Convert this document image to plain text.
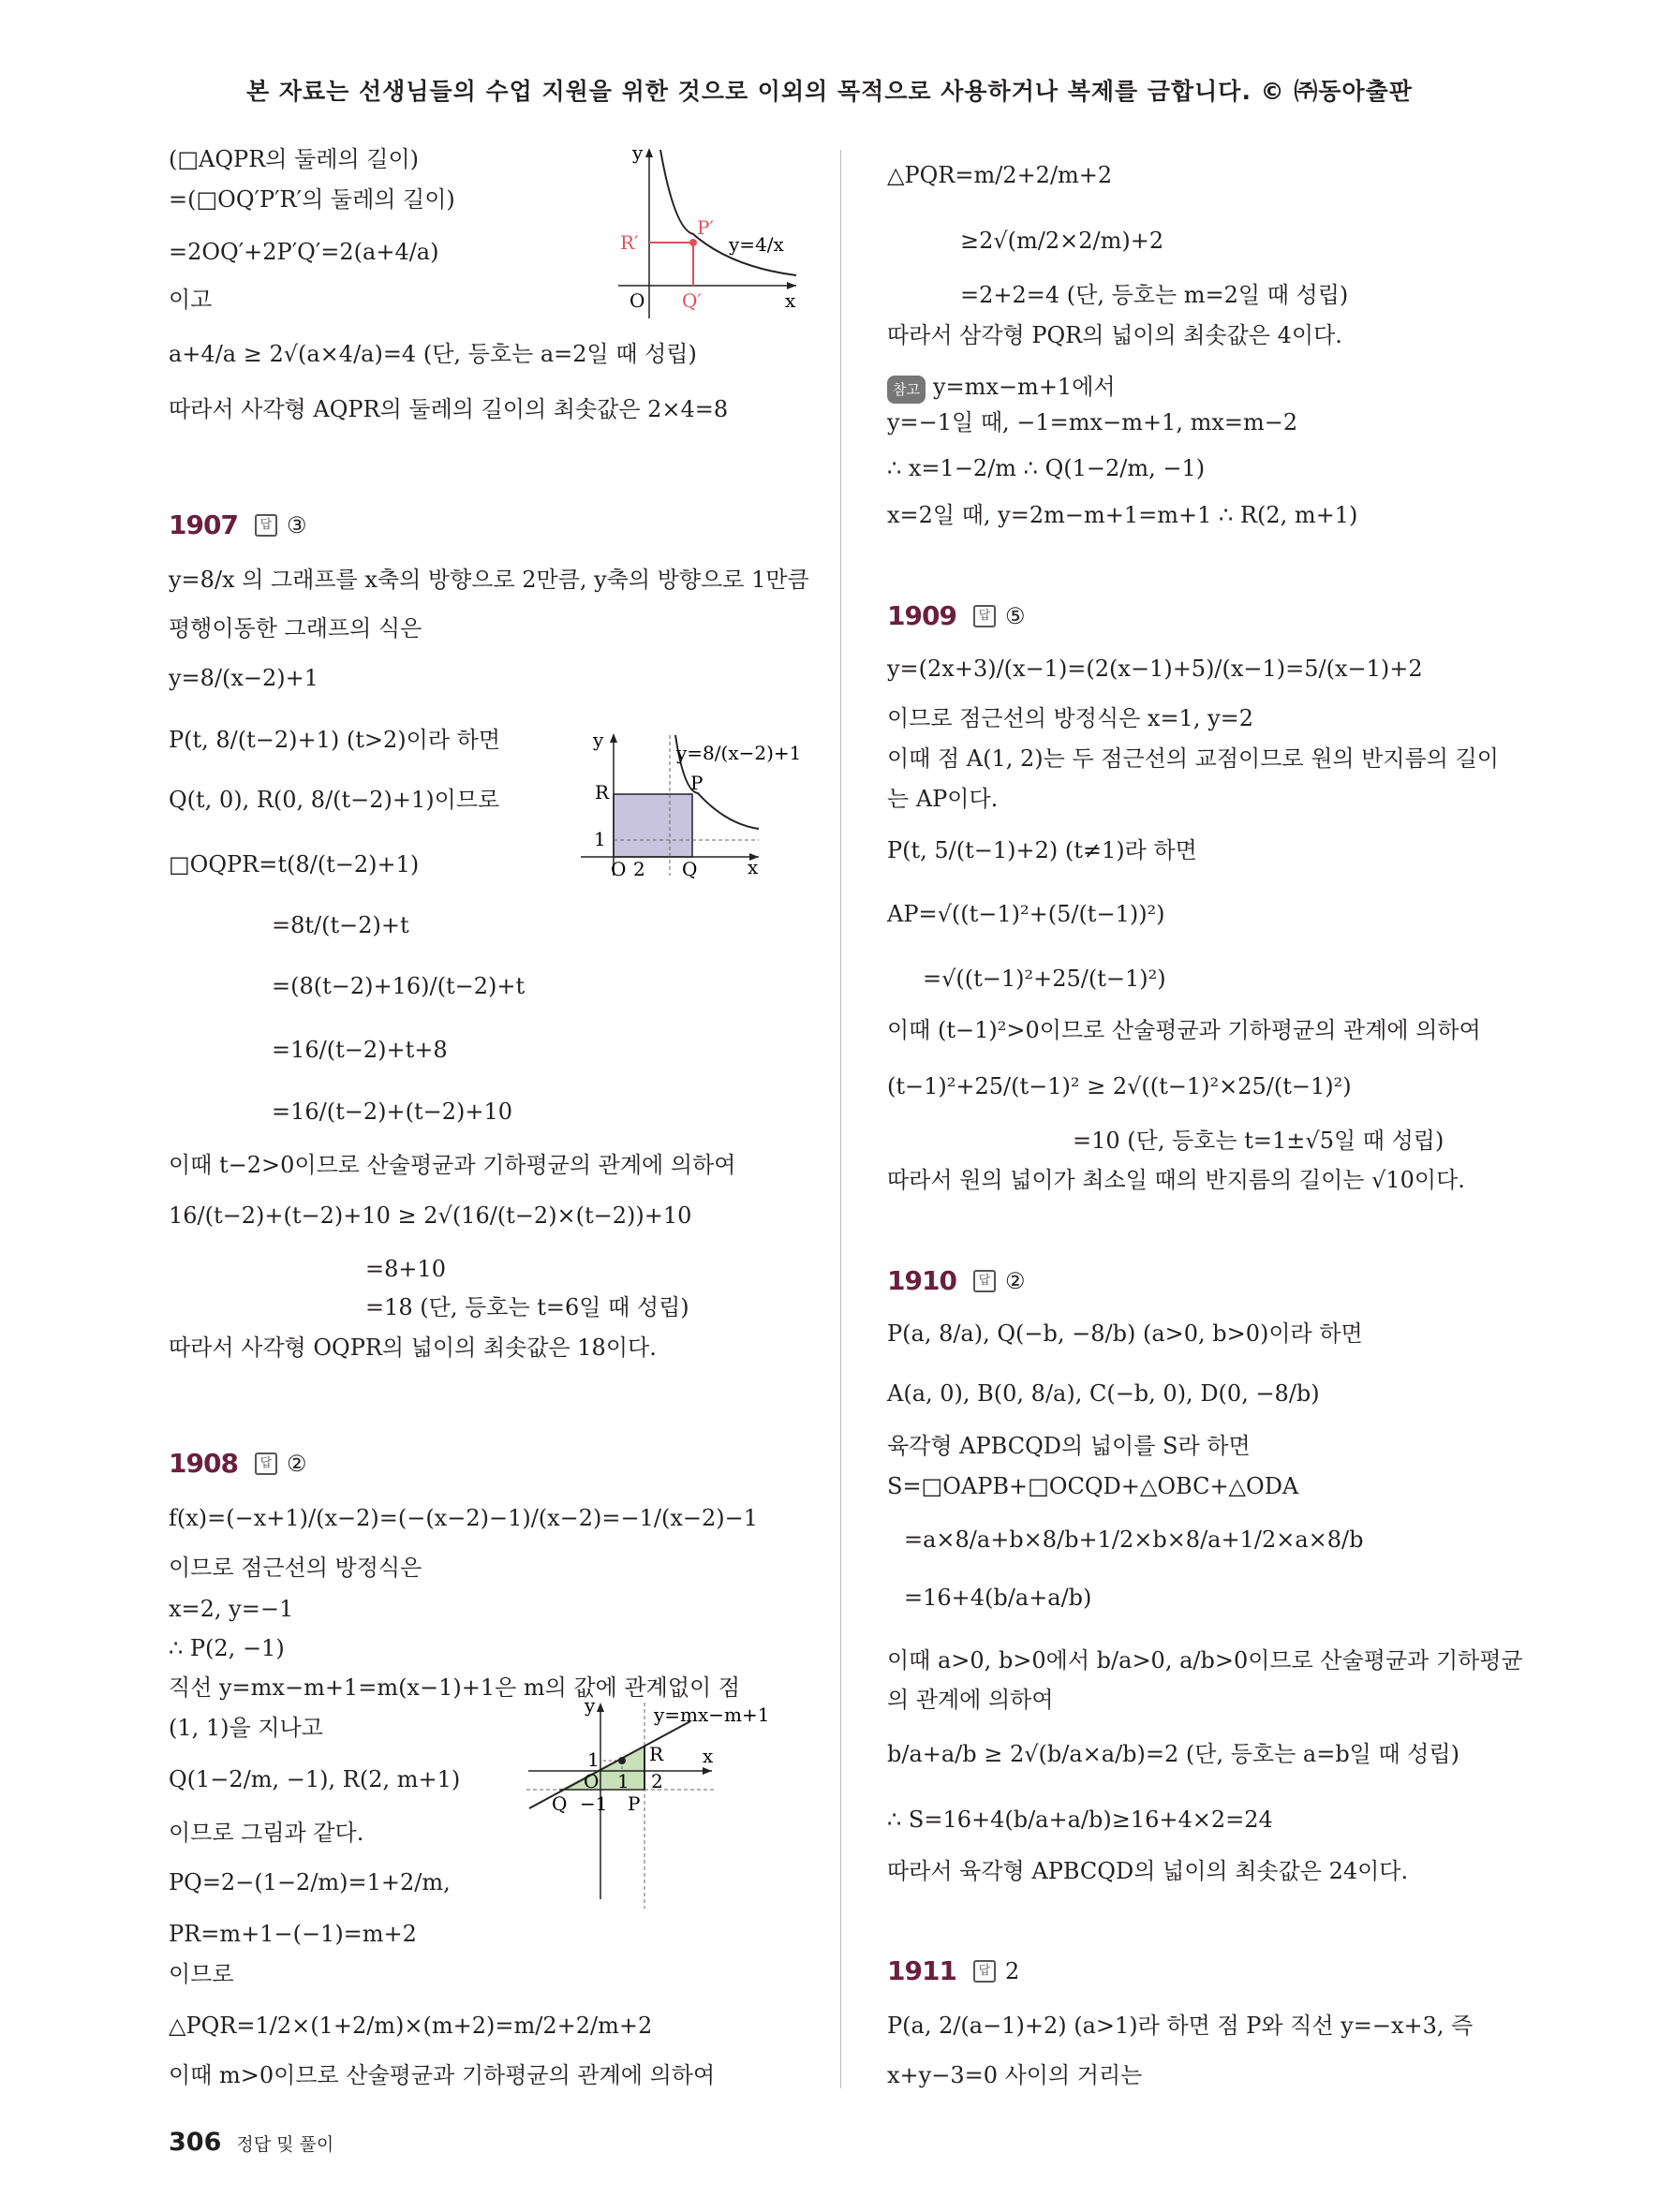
본 자료는 선생님들의 수업 지원을 위한 것으로 이외의 목적으로 사용하거나 복제를 금합니다. © ㈜동아출판
(□AQPR의 둘레의 길이)
=(□OQ′P′R′의 둘레의 길이)
=2OQ′+2P′Q′=2(a+4/a)
이고
a+4/a ≥ 2√(a×4/a)=4 (단, 등호는 a=2일 때 성립)
따라서 사각형 AQPR의 둘레의 길이의 최솟값은 2×4=8
1907	답 ③
y=8/x 의 그래프를 x축의 방향으로 2만큼, y축의 방향으로 1만큼
평행이동한 그래프의 식은
y=8/(x−2)+1
P(t, 8/(t−2)+1) (t>2)이라 하면
Q(t, 0), R(0, 8/(t−2)+1)이므로
□OQPR=t(8/(t−2)+1)
=8t/(t−2)+t
=(8(t−2)+16)/(t−2)+t
=16/(t−2)+t+8
=16/(t−2)+(t−2)+10
이때 t−2>0이므로 산술평균과 기하평균의 관계에 의하여
16/(t−2)+(t−2)+10 ≥ 2√(16/(t−2)×(t−2))+10
=8+10
=18 (단, 등호는 t=6일 때 성립)
따라서 사각형 OQPR의 넓이의 최솟값은 18이다.
1908	답 ②
f(x)=(−x+1)/(x−2)=(−(x−2)−1)/(x−2)=−1/(x−2)−1
이므로 점근선의 방정식은
x=2, y=−1
∴ P(2, −1)
직선 y=mx−m+1=m(x−1)+1은 m의 값에 관계없이 점
(1, 1)을 지나고
Q(1−2/m, −1), R(2, m+1)
이므로 그림과 같다.
PQ=2−(1−2/m)=1+2/m,
PR=m+1−(−1)=m+2
이므로
△PQR=1/2×(1+2/m)×(m+2)=m/2+2/m+2
이때 m>0이므로 산술평균과 기하평균의 관계에 의하여
△PQR=m/2+2/m+2
≥2√(m/2×2/m)+2
=2+2=4 (단, 등호는 m=2일 때 성립)
따라서 삼각형 PQR의 넓이의 최솟값은 4이다.
참고 y=mx−m+1에서
y=−1일 때, −1=mx−m+1, mx=m−2
∴ x=1−2/m ∴ Q(1−2/m, −1)
x=2일 때, y=2m−m+1=m+1 ∴ R(2, m+1)
1909	답 ⑤
y=(2x+3)/(x−1)=(2(x−1)+5)/(x−1)=5/(x−1)+2
이므로 점근선의 방정식은 x=1, y=2
이때 점 A(1, 2)는 두 점근선의 교점이므로 원의 반지름의 길이
는 AP이다.
P(t, 5/(t−1)+2) (t≠1)라 하면
AP=√((t−1)²+(5/(t−1))²)
=√((t−1)²+25/(t−1)²)
이때 (t−1)²>0이므로 산술평균과 기하평균의 관계에 의하여
(t−1)²+25/(t−1)² ≥ 2√((t−1)²×25/(t−1)²)
=10 (단, 등호는 t=1±√5일 때 성립)
따라서 원의 넓이가 최소일 때의 반지름의 길이는 √10이다.
1910	답 ②
P(a, 8/a), Q(−b, −8/b) (a>0, b>0)이라 하면
A(a, 0), B(0, 8/a), C(−b, 0), D(0, −8/b)
육각형 APBCQD의 넓이를 S라 하면
S=□OAPB+□OCQD+△OBC+△ODA
=a×8/a+b×8/b+1/2×b×8/a+1/2×a×8/b
=16+4(b/a+a/b)
이때 a>0, b>0에서 b/a>0, a/b>0이므로 산술평균과 기하평균
의 관계에 의하여
b/a+a/b ≥ 2√(b/a×a/b)=2 (단, 등호는 a=b일 때 성립)
∴ S=16+4(b/a+a/b)≥16+4×2=24
따라서 육각형 APBCQD의 넓이의 최솟값은 24이다.
1911	답 2
P(a, 2/(a−1)+2) (a>1)라 하면 점 P와 직선 y=−x+3, 즉
x+y−3=0 사이의 거리는
y
x
O
P′
Q′
R′	y=4/x
y
x
O 2
1
R	P
Q
y=8/(x−2)+1
y
x
O 1 2
1
−1
Q	P
R
y=mx−m+1
306 정답 및 풀이
